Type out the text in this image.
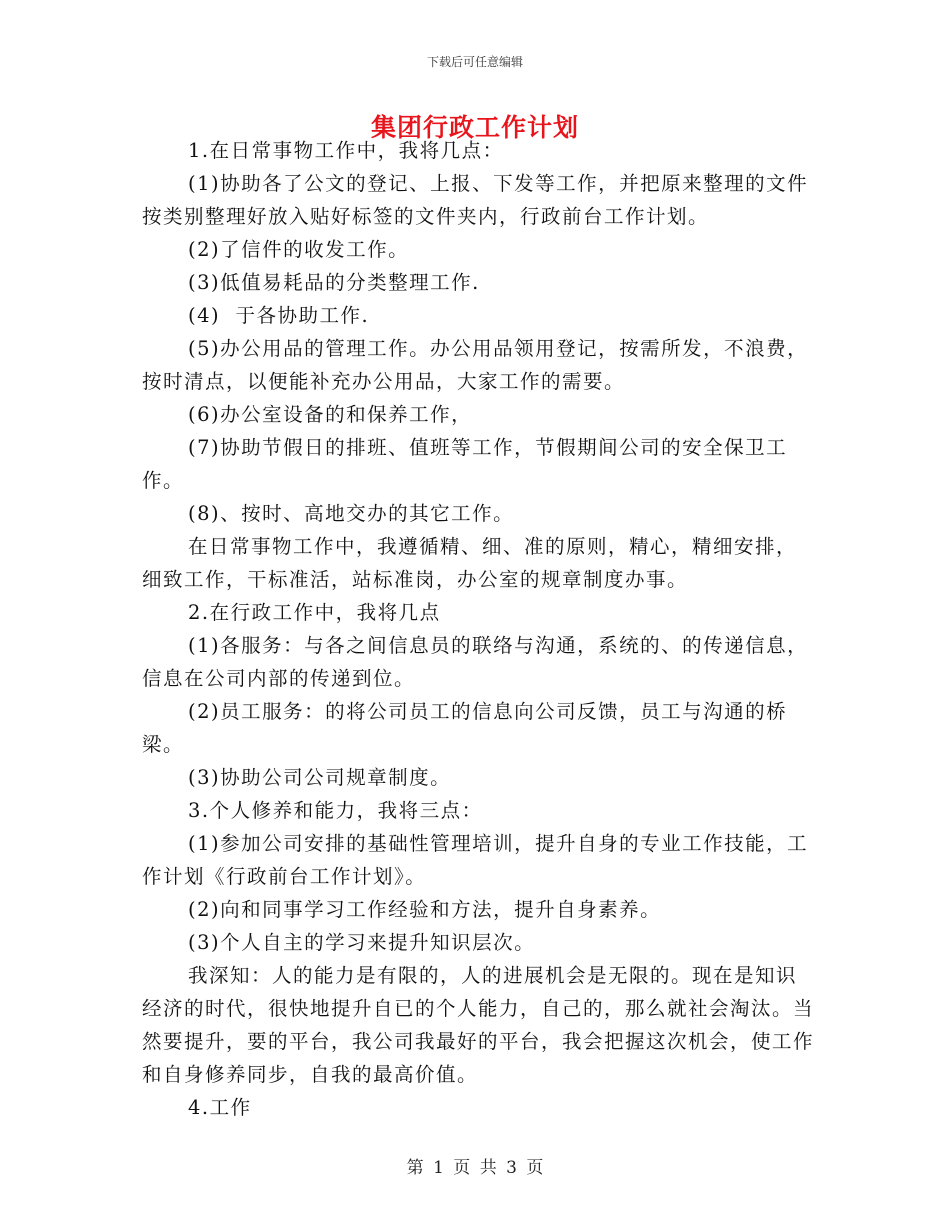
下载后可任意编辑
集团行政工作计划

1.在日常事物工作中，我将几点：

(1)协助各了公文的登记、上报、下发等工作，并把原来整理的文件按类别整理好放入贴好标签的文件夹内，行政前台工作计划。

(2)了信件的收发工作。

(3)低值易耗品的分类整理工作.

(4)  于各协助工作.

(5)办公用品的管理工作。办公用品领用登记，按需所发，不浪费，按时清点，以便能补充办公用品，大家工作的需要。

(6)办公室设备的和保养工作，

(7)协助节假日的排班、值班等工作，节假期间公司的安全保卫工作。

(8)、按时、高地交办的其它工作。

在日常事物工作中，我遵循精、细、准的原则，精心，精细安排，细致工作，干标准活，站标准岗，办公室的规章制度办事。

2.在行政工作中，我将几点

(1)各服务：与各之间信息员的联络与沟通，系统的、的传递信息，信息在公司内部的传递到位。

(2)员工服务：的将公司员工的信息向公司反馈，员工与沟通的桥梁。

(3)协助公司公司规章制度。

3.个人修养和能力，我将三点：

(1)参加公司安排的基础性管理培训，提升自身的专业工作技能，工作计划《行政前台工作计划》。

(2)向和同事学习工作经验和方法，提升自身素养。

(3)个人自主的学习来提升知识层次。

我深知：人的能力是有限的，人的进展机会是无限的。现在是知识经济的时代，很快地提升自已的个人能力，自己的，那么就社会淘汰。当然要提升，要的平台，我公司我最好的平台，我会把握这次机会，使工作和自身修养同步，自我的最高价值。

4.工作

第 1 页 共 3 页
